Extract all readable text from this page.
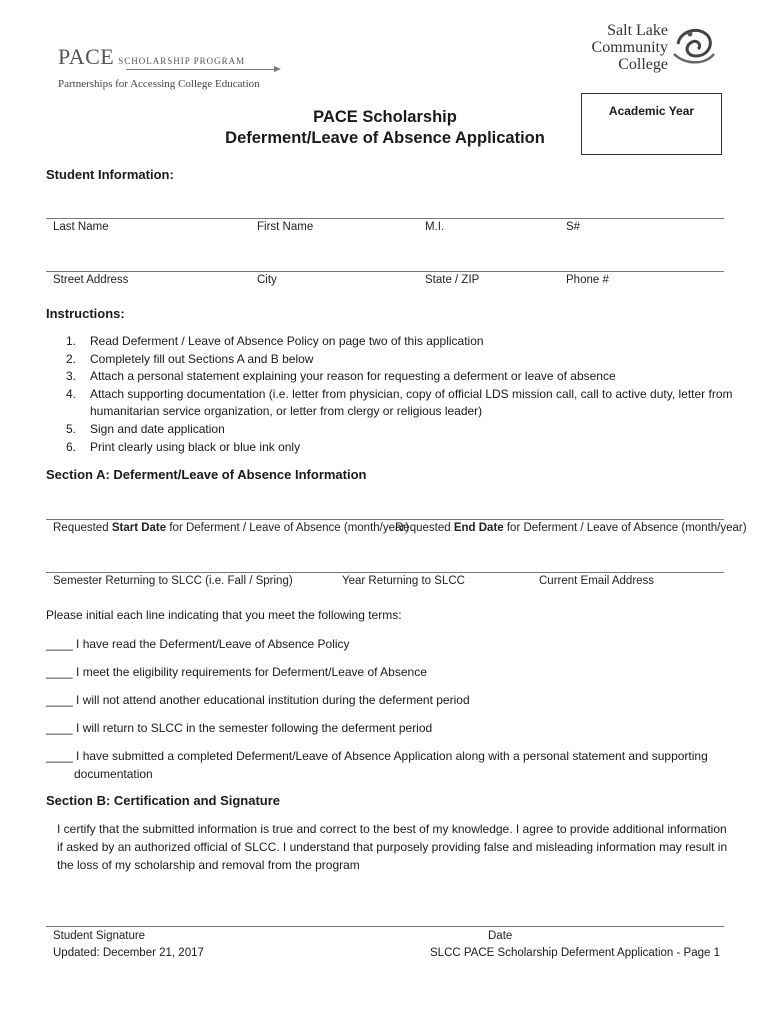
PACE SCHOLARSHIP PROGRAM
Partnerships for Accessing College Education
Salt Lake
Community
College
PACE Scholarship
Deferment/Leave of Absence Application
Academic Year
Student Information:
Last Name	First Name	M.I.	S#
Street Address	City	State / ZIP	Phone #
Instructions:
1. Read Deferment / Leave of Absence Policy on page two of this application
2. Completely fill out Sections A and B below
3. Attach a personal statement explaining your reason for requesting a deferment or leave of absence
4. Attach supporting documentation (i.e. letter from physician, copy of official LDS mission call, call to active duty, letter from humanitarian service organization, or letter from clergy or religious leader)
5. Sign and date application
6. Print clearly using black or blue ink only
Section A: Deferment/Leave of Absence Information
Requested Start Date for Deferment / Leave of Absence (month/year)
Requested End Date for Deferment / Leave of Absence (month/year)
Semester Returning to SLCC (i.e. Fall / Spring)	Year Returning to SLCC	Current Email Address
Please initial each line indicating that you meet the following terms:
____ I have read the Deferment/Leave of Absence Policy
____ I meet the eligibility requirements for Deferment/Leave of Absence
____ I will not attend another educational institution during the deferment period
____ I will return to SLCC in the semester following the deferment period
____ I have submitted a completed Deferment/Leave of Absence Application along with a personal statement and supporting
documentation
Section B: Certification and Signature
I certify that the submitted information is true and correct to the best of my knowledge. I agree to provide additional information if asked by an authorized official of SLCC. I understand that purposely providing false and misleading information may result in the loss of my scholarship and removal from the program
Student Signature	Date
Updated: December 21, 2017	SLCC PACE Scholarship Deferment Application - Page 1
